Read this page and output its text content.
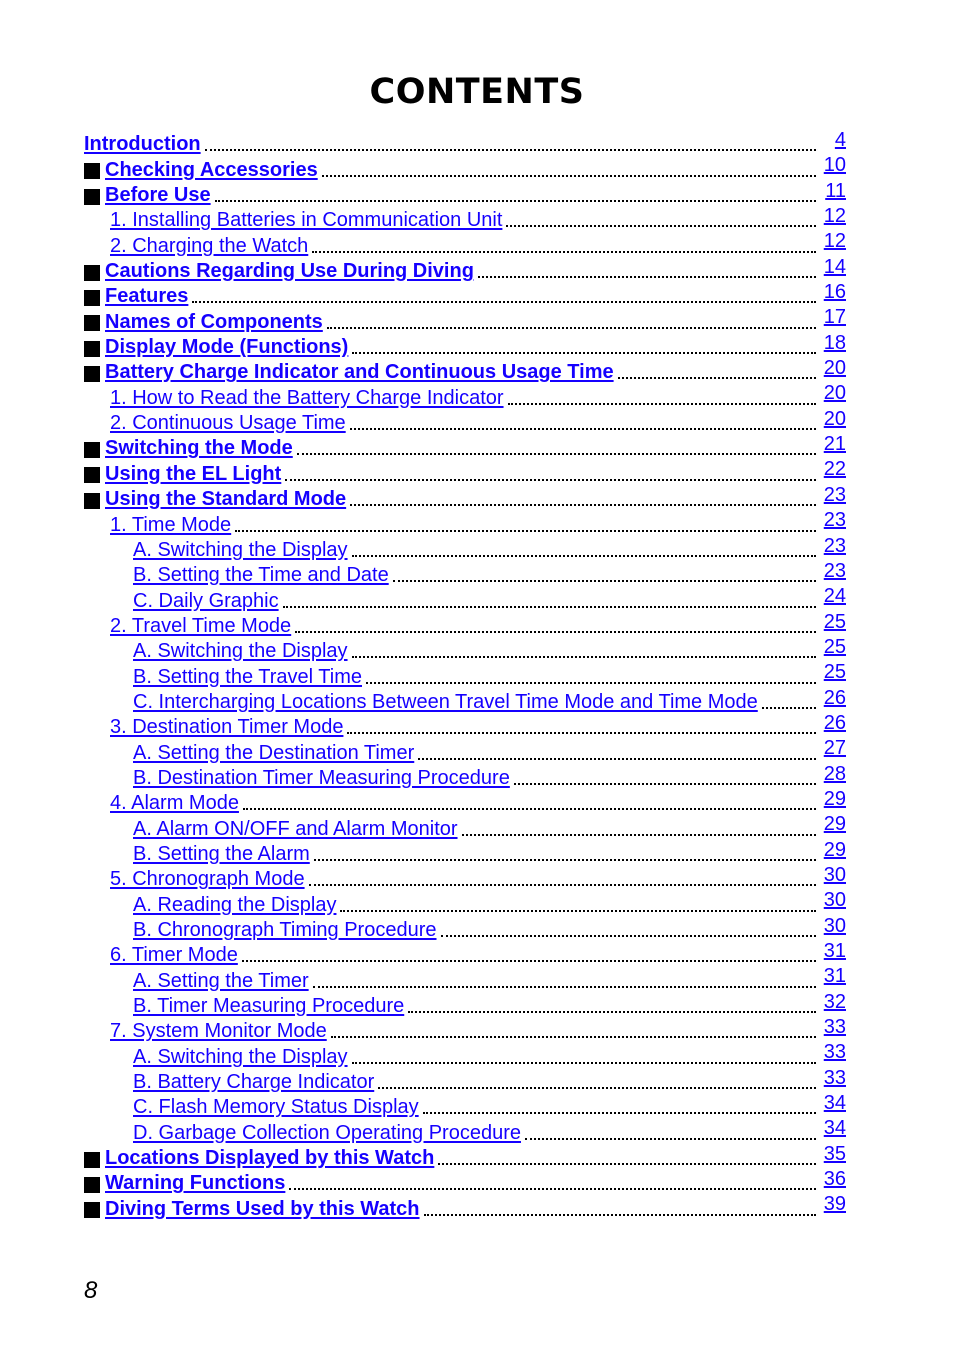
CONTENTS
Introduction	4
Checking Accessories	10
Before Use	11
1. Installing Batteries in Communication Unit	12
2. Charging the Watch	12
Cautions Regarding Use During Diving	14
Features	16
Names of Components	17
Display Mode (Functions)	18
Battery Charge Indicator and Continuous Usage Time	20
1. How to Read the Battery Charge Indicator	20
2. Continuous Usage Time	20
Switching the Mode	21
Using the EL Light	22
Using the Standard Mode	23
1. Time Mode	23
A. Switching the Display	23
B. Setting the Time and Date	23
C. Daily Graphic	24
2. Travel Time Mode	25
A. Switching the Display	25
B. Setting the Travel Time	25
C. Intercharging Locations Between Travel Time Mode and Time Mode	26
3. Destination Timer Mode	26
A. Setting the Destination Timer	27
B. Destination Timer Measuring Procedure	28
4. Alarm Mode	29
A. Alarm ON/OFF and Alarm Monitor	29
B. Setting the Alarm	29
5. Chronograph Mode	30
A. Reading the Display	30
B. Chronograph Timing Procedure	30
6. Timer Mode	31
A. Setting the Timer	31
B. Timer Measuring Procedure	32
7. System Monitor Mode	33
A. Switching the Display	33
B. Battery Charge Indicator	33
C. Flash Memory Status Display	34
D. Garbage Collection Operating Procedure	34
Locations Displayed by this Watch	35
Warning Functions	36
Diving Terms Used by this Watch	39
8
